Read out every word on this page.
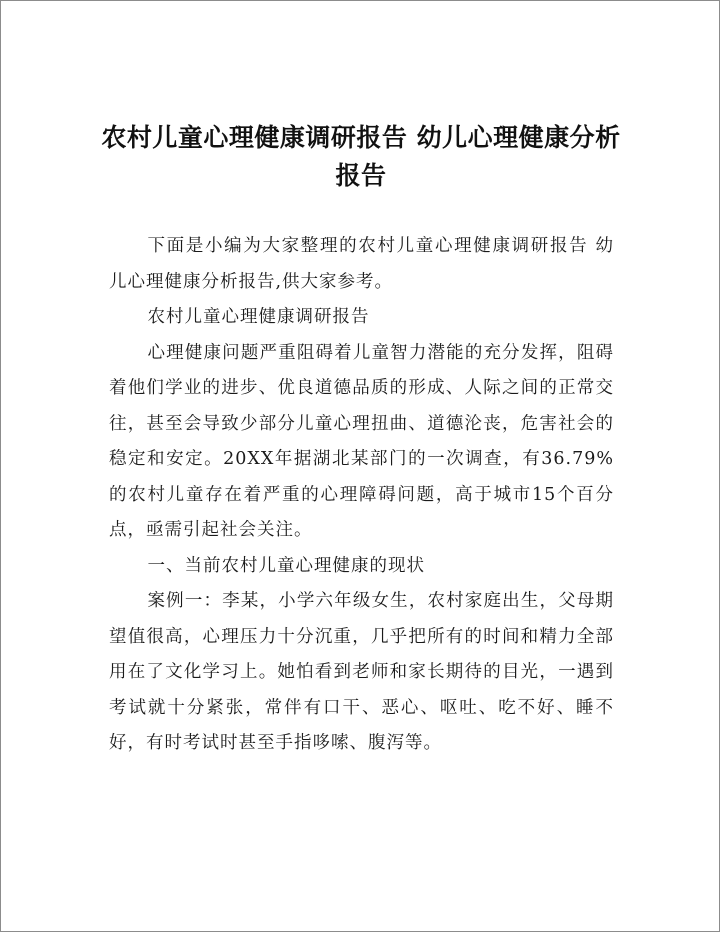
农村儿童心理健康调研报告 幼儿心理健康分析报告

下面是小编为大家整理的农村儿童心理健康调研报告 幼儿心理健康分析报告,供大家参考。

农村儿童心理健康调研报告

心理健康问题严重阻碍着儿童智力潜能的充分发挥，阻碍着他们学业的进步、优良道德品质的形成、人际之间的正常交往，甚至会导致少部分儿童心理扭曲、道德沦丧，危害社会的稳定和安定。20XX年据湖北某部门的一次调查，有36.79%的农村儿童存在着严重的心理障碍问题，高于城市15个百分点，亟需引起社会关注。

一、当前农村儿童心理健康的现状

案例一：李某，小学六年级女生，农村家庭出生，父母期望值很高，心理压力十分沉重，几乎把所有的时间和精力全部用在了文化学习上。她怕看到老师和家长期待的目光，一遇到考试就十分紧张，常伴有口干、恶心、呕吐、吃不好、睡不好，有时考试时甚至手指哆嗦、腹泻等。
